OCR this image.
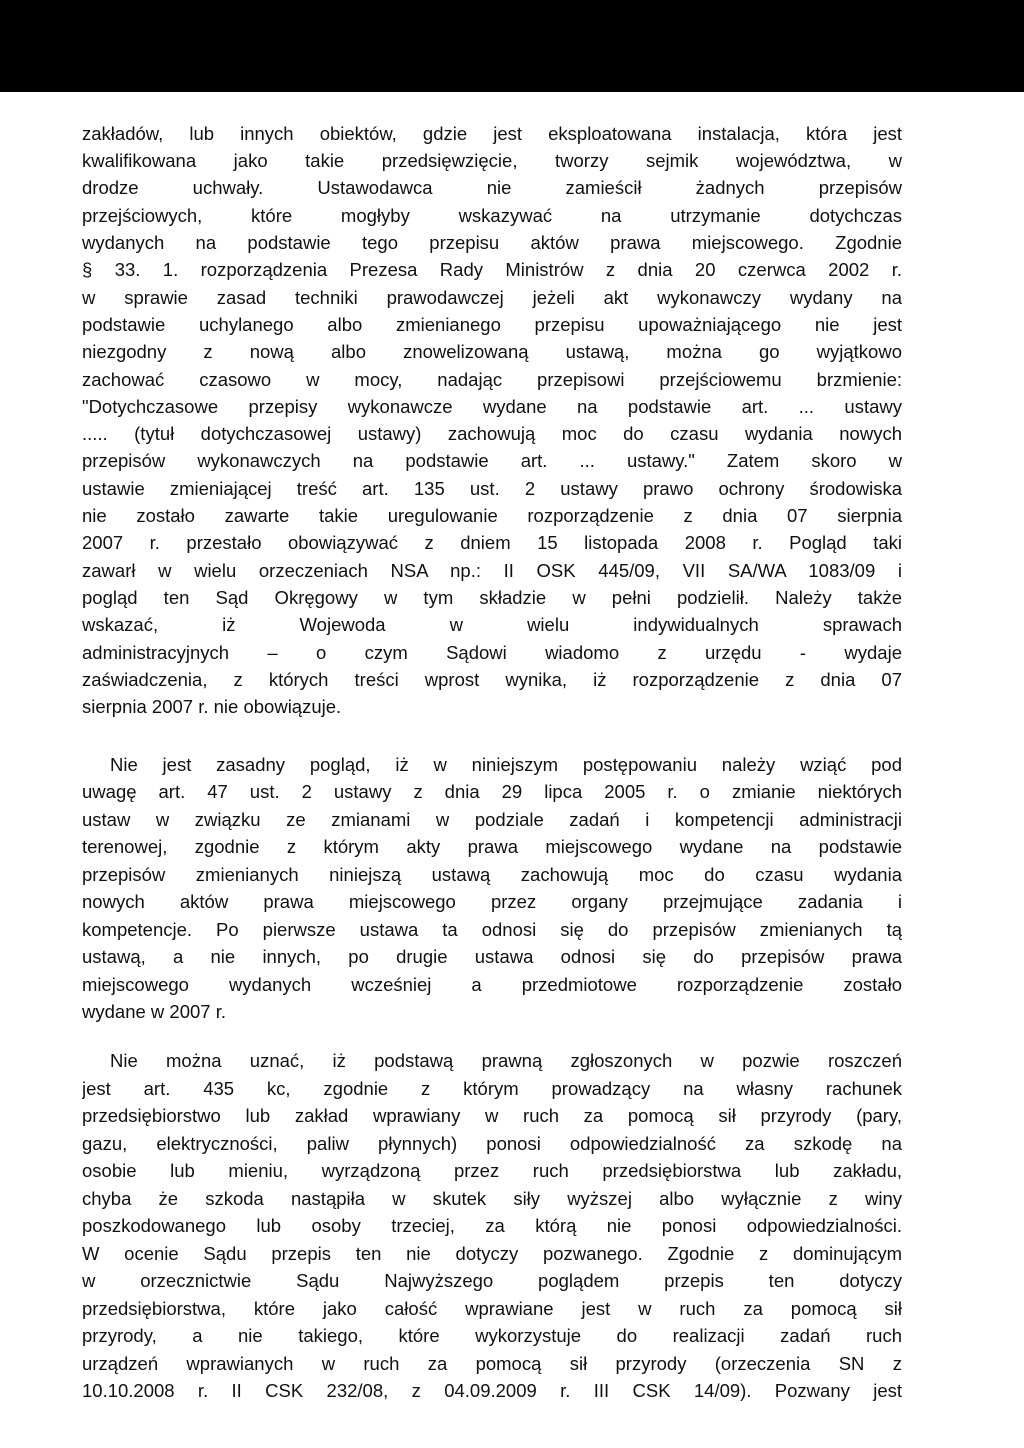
zakładów, lub innych obiektów, gdzie jest eksploatowana instalacja, która jest
kwalifikowana jako takie przedsięwzięcie, tworzy sejmik województwa, w
drodze uchwały. Ustawodawca nie zamieścił żadnych przepisów
przejściowych, które mogłyby wskazywać na utrzymanie dotychczas
wydanych na podstawie tego przepisu aktów prawa miejscowego. Zgodnie
§ 33. 1. rozporządzenia Prezesa Rady Ministrów z dnia 20 czerwca 2002 r.
w sprawie zasad techniki prawodawczej jeżeli akt wykonawczy wydany na
podstawie uchylanego albo zmienianego przepisu upoważniającego nie jest
niezgodny z nową albo znowelizowaną ustawą, można go wyjątkowo
zachować czasowo w mocy, nadając przepisowi przejściowemu brzmienie:
"Dotychczasowe przepisy wykonawcze wydane na podstawie art. ... ustawy
..... (tytuł dotychczasowej ustawy) zachowują moc do czasu wydania nowych
przepisów wykonawczych na podstawie art. ... ustawy." Zatem skoro w
ustawie zmieniającej treść art. 135 ust. 2 ustawy prawo ochrony środowiska
nie zostało zawarte takie uregulowanie rozporządzenie z dnia 07 sierpnia
2007 r. przestało obowiązywać z dniem 15 listopada 2008 r. Pogląd taki
zawarł w wielu orzeczeniach NSA np.: II OSK 445/09, VII SA/WA 1083/09 i
pogląd ten Sąd Okręgowy w tym składzie w pełni podzielił. Należy także
wskazać, iż Wojewoda w wielu indywidualnych sprawach
administracyjnych – o czym Sądowi wiadomo z urzędu - wydaje
zaświadczenia, z których treści wprost wynika, iż rozporządzenie z dnia 07
sierpnia 2007 r. nie obowiązuje.
Nie jest zasadny pogląd, iż w niniejszym postępowaniu należy wziąć pod
uwagę art. 47 ust. 2 ustawy z dnia 29 lipca 2005 r. o zmianie niektórych
ustaw w związku ze zmianami w podziale zadań i kompetencji administracji
terenowej, zgodnie z którym akty prawa miejscowego wydane na podstawie
przepisów zmienianych niniejszą ustawą zachowują moc do czasu wydania
nowych aktów prawa miejscowego przez organy przejmujące zadania i
kompetencje. Po pierwsze ustawa ta odnosi się do przepisów zmienianych tą
ustawą, a nie innych, po drugie ustawa odnosi się do przepisów prawa
miejscowego wydanych wcześniej a przedmiotowe rozporządzenie zostało
wydane w 2007 r.
Nie można uznać, iż podstawą prawną zgłoszonych w pozwie roszczeń
jest art. 435 kc, zgodnie z którym prowadzący na własny rachunek
przedsiębiorstwo lub zakład wprawiany w ruch za pomocą sił przyrody (pary,
gazu, elektryczności, paliw płynnych) ponosi odpowiedzialność za szkodę na
osobie lub mieniu, wyrządzoną przez ruch przedsiębiorstwa lub zakładu,
chyba że szkoda nastąpiła w skutek siły wyższej albo wyłącznie z winy
poszkodowanego lub osoby trzeciej, za którą nie ponosi odpowiedzialności.
W ocenie Sądu przepis ten nie dotyczy pozwanego. Zgodnie z dominującym
w orzecznictwie Sądu Najwyższego poglądem przepis ten dotyczy
przedsiębiorstwa, które jako całość wprawiane jest w ruch za pomocą sił
przyrody, a nie takiego, które wykorzystuje do realizacji zadań ruch
urządzeń wprawianych w ruch za pomocą sił przyrody (orzeczenia SN z
10.10.2008 r. II CSK 232/08, z 04.09.2009 r. III CSK 14/09). Pozwany jest
